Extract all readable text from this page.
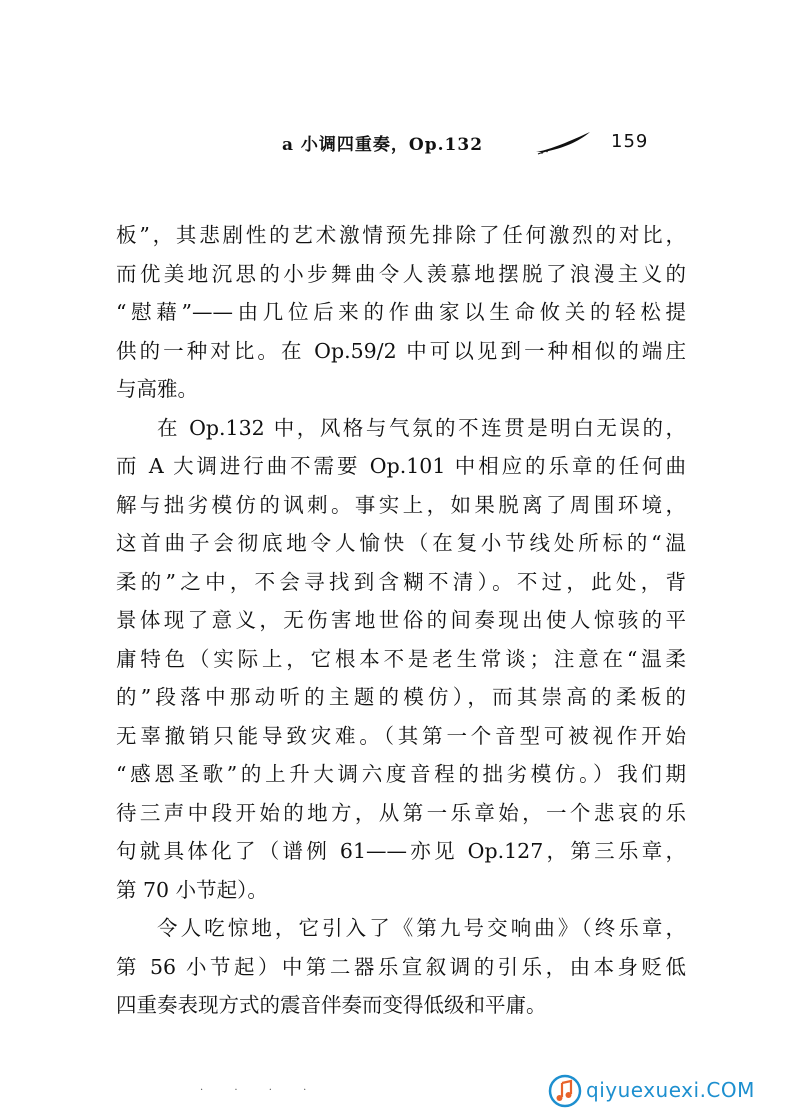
a 小调四重奏，Op.132	159

板”，其悲剧性的艺术激情预先排除了任何激烈的对比，
而优美地沉思的小步舞曲令人羡慕地摆脱了浪漫主义的
“慰藉”——由几位后来的作曲家以生命攸关的轻松提
供的一种对比。在 Op.59/2 中可以见到一种相似的端庄
与高雅。

在 Op.132 中，风格与气氛的不连贯是明白无误的，
而 A 大调进行曲不需要 Op.101 中相应的乐章的任何曲
解与拙劣模仿的讽刺。事实上，如果脱离了周围环境，
这首曲子会彻底地令人愉快（在复小节线处所标的“温
柔的”之中，不会寻找到含糊不清）。不过，此处，背
景体现了意义，无伤害地世俗的间奏现出使人惊骇的平
庸特色（实际上，它根本不是老生常谈；注意在“温柔
的”段落中那动听的主题的模仿），而其崇高的柔板的
无辜撤销只能导致灾难。（其第一个音型可被视作开始
“感恩圣歌”的上升大调六度音程的拙劣模仿。）我们期
待三声中段开始的地方，从第一乐章始，一个悲哀的乐
句就具体化了（谱例 61——亦见 Op.127，第三乐章，
第 70 小节起）。

令人吃惊地，它引入了《第九号交响曲》（终乐章，
第 56 小节起）中第二器乐宣叙调的引乐，由本身贬低
四重奏表现方式的震音伴奏而变得低级和平庸。

. . . .	qiyuexuexi.COM
